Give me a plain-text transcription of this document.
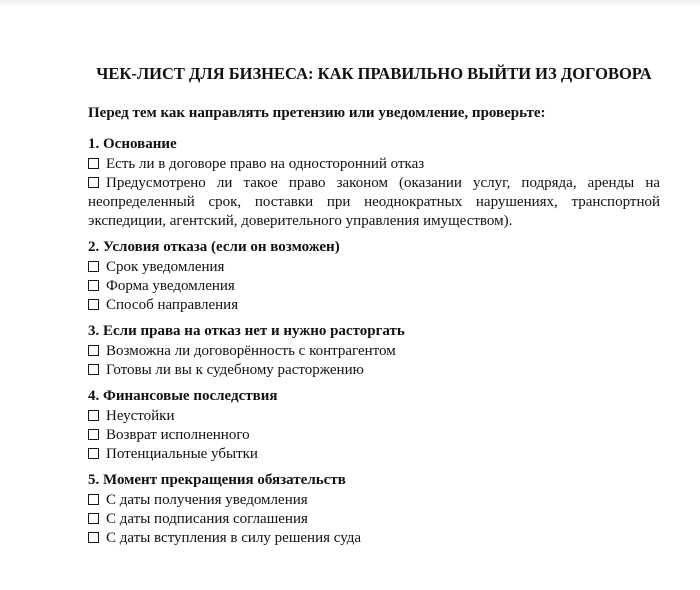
ЧЕК-ЛИСТ ДЛЯ БИЗНЕСА: КАК ПРАВИЛЬНО ВЫЙТИ ИЗ ДОГОВОРА

Перед тем как направлять претензию или уведомление, проверьте:

1. Основание

Есть ли в договоре право на односторонний отказ

Предусмотрено ли такое право законом (оказании услуг, подряда, аренды на неопределенный срок, поставки при неоднократных нарушениях, транспортной экспедиции, агентский, доверительного управления имуществом).

2. Условия отказа (если он возможен)

Срок уведомления

Форма уведомления

Способ направления

3. Если права на отказ нет и нужно расторгать

Возможна ли договорённость с контрагентом

Готовы ли вы к судебному расторжению

4. Финансовые последствия

Неустойки

Возврат исполненного

Потенциальные убытки

5. Момент прекращения обязательств

С даты получения уведомления

С даты подписания соглашения

С даты вступления в силу решения суда
